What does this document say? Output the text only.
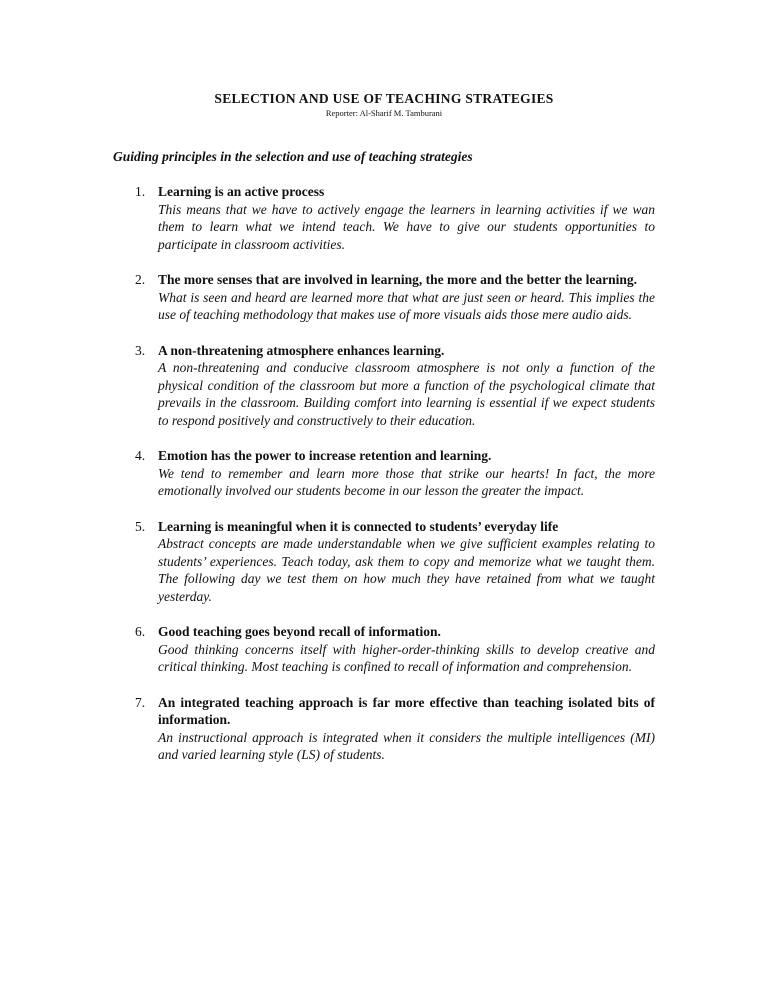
SELECTION AND USE OF TEACHING STRATEGIES

Reporter: Al-Sharif M. Tamburani

Guiding principles in the selection and use of teaching strategies

1. Learning is an active process
This means that we have to actively engage the learners in learning activities if we wan them to learn what we intend teach. We have to give our students opportunities to participate in classroom activities.
2. The more senses that are involved in learning, the more and the better the learning.
What is seen and heard are learned more that what are just seen or heard. This implies the use of teaching methodology that makes use of more visuals aids those mere audio aids.
3. A non-threatening atmosphere enhances learning.
A non-threatening and conducive classroom atmosphere is not only a function of the physical condition of the classroom but more a function of the psychological climate that prevails in the classroom. Building comfort into learning is essential if we expect students to respond positively and constructively to their education.
4. Emotion has the power to increase retention and learning.
We tend to remember and learn more those that strike our hearts! In fact, the more emotionally involved our students become in our lesson the greater the impact.
5. Learning is meaningful when it is connected to students’ everyday life
Abstract concepts are made understandable when we give sufficient examples relating to students’ experiences. Teach today, ask them to copy and memorize what we taught them. The following day we test them on how much they have retained from what we taught yesterday.
6. Good teaching goes beyond recall of information.
Good thinking concerns itself with higher-order-thinking skills to develop creative and critical thinking. Most teaching is confined to recall of information and comprehension.
7. An integrated teaching approach is far more effective than teaching isolated bits of information.
An instructional approach is integrated when it considers the multiple intelligences (MI) and varied learning style (LS) of students.
